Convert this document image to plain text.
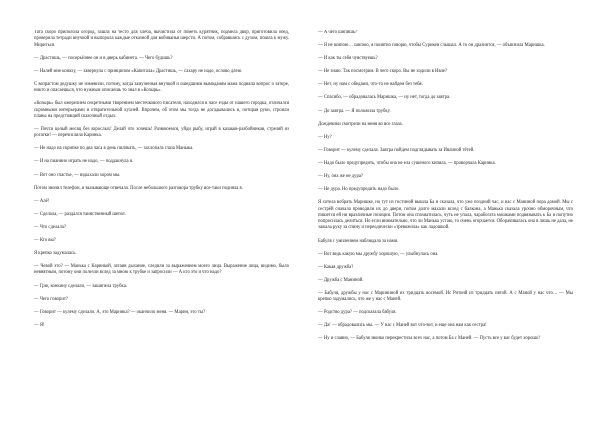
Тата скоро приполола огород, зашла на тесто для хлеба, вычистила от пометь курятник, подмела двор, приготовила обед, проверила тетради внучкой и выпорола каждые отказной для вобиванья шерсти. А потом, собравшись с духом, пошла к мужу. Мириться.

— Драстишь, — посерьёзнее он и в дверь кабинета. — Чего будишь?

— Налей мне конаху, — завернула с принципом «Капитала» Драстишь, — сахару не надо, ослово длею.

С возрастом дедушку не изменили, потому, когда замученная внучкой и ошедшими вымоданям мама подняла вопрос о заторе, никто и опасаешься, что нужным описаешь то знал в «Козырь».

«Козырь» был ожерелием секретными творением местечкового писателя, находился в часе езды от нашего городка, отличался скромными интерьерами и отвратительной кухней. Впрочем, об этом мы тогда не догадывались и, потирая руки, строили планы на предстоящий сказочный отдых.

— Почти целый месяц без взрослых! Делай что хочешь! Развоюемся, уйди рыбу, играй в казаков-разбойников, стреляй из рогатки! — перечисляла Каринка.

— Не надо на скрипке по два часа в день пиликать, — захлопала глаза Маныка.

— И на пианино играть не надо, — поддакнула я.

— Вот оно счастье, — вздыхали хором мы.

Потом звонил телефон, и вызывающе отвечала. После небольшого разговора трубку все-таки подняла я.

— Алё!

— Сделала, — раздался таинственный шепот.

— Что сделала?

— Кто вы?

Я крепко задумалась.

— Чевой это? — Манька с Каринкой, затаив дыхание, следили за выражением моего лица. Выражение лица, видимо, было невнятным, потому они полезли вслед за мною к трубке и запросили — А кто это и что надо?

— Грю, конкину сделали, — зашипела трубка.

— Чего говорит?

— Говорит — кулему сделали. А, это Маринка? — оканчило меня. — Марин, это ты?

— Я!

— А чего шипишь?

— Я не шипою… шипою, я понятно говорю, чтобы Сурикеи слышал. А то он дразнится, — объяснила Маришка.

— И как ты себя чувствуешь?

— Не знаю. Так посмотрим. В чего скоро. Вы не ходили в Ивле?

— Нет, ну нам с обедами, что-то не найдем без тебя.

— Спасибо, — обрадовалась Маришка, — ну нет, тогда до завтра.

— До завтра. — Я положила трубку.

Дождевики смотрели на меня во все глаза.

— Ну?

— Говорит — кулему сделала. Завтра пойдем подглядывать за Ивлиной тётей.

— Надо было предупредить, чтобы она не ела сушеного кипяла, — проворчала Каринка.

— Ну, она же не дура?

— Не дура. Но предупредить надо было.

Я хотела вобрать Маришке, но тут из гостиной вышла Ба и сказала, что уже поздний час, и нас с Маниной пора домой. Мы с сестрёй сначала проводили их до двери, потом долго махали вслед с балкона, а Манька сказала урочно обморочным, что пишется ей ни вразличные позиции. Потом она спохватилась, чуть не упала, чарабогата мошками подвязывать к Ба и попутно попросилась делиться. Но если внимательно, что ли Манька устаю, то очень огорчается. Оборачивалась она в лишь не дала, не зажала руку за спину и переодически «тревожила» как ладошкой.

Бабуля с умилением наблюдала за нами.

— Вот ведь какую мы дружбу хорошую, — улыбнулась она.

— Какая дружба?

— Дружба с Маниной.

— Бабуля, дружбы у нас с Марининой их тридцать восемой. Ис Ритонй из тридцать пятой. А с Маной у нас что… — Мы крепко задумались, что же у нас с Маней.

— Родство дура? — подсказала бабуля.

— Да! — обрадовались мы. — У нас с Маней вот что-вот, и еще она нам как сестра!

— Ну и славно, — Бабуля звонко перекрестила всех нас, а потом Ба с Маней. — Пусть все у вас будет хорошо!
